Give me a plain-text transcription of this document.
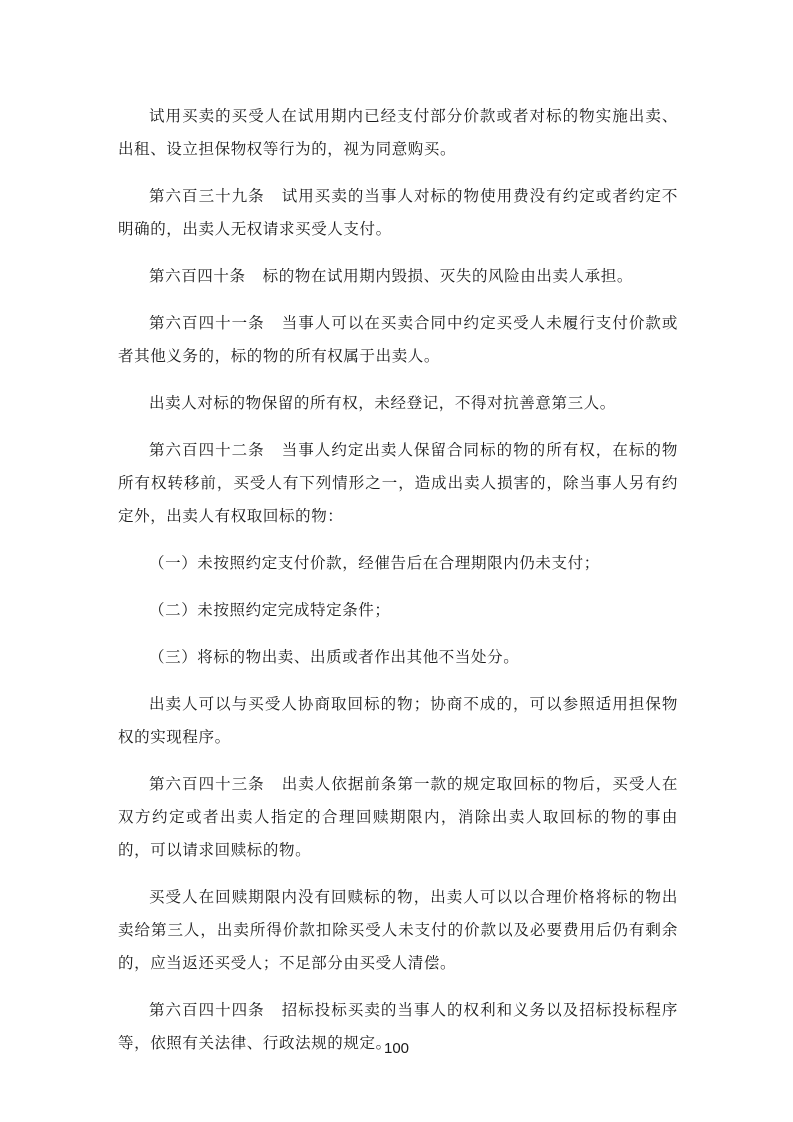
试用买卖的买受人在试用期内已经支付部分价款或者对标的物实施出卖、出租、设立担保物权等行为的，视为同意购买。

第六百三十九条 试用买卖的当事人对标的物使用费没有约定或者约定不明确的，出卖人无权请求买受人支付。

第六百四十条 标的物在试用期内毁损、灭失的风险由出卖人承担。

第六百四十一条 当事人可以在买卖合同中约定买受人未履行支付价款或者其他义务的，标的物的所有权属于出卖人。

出卖人对标的物保留的所有权，未经登记，不得对抗善意第三人。

第六百四十二条 当事人约定出卖人保留合同标的物的所有权，在标的物所有权转移前，买受人有下列情形之一，造成出卖人损害的，除当事人另有约定外，出卖人有权取回标的物：

（一）未按照约定支付价款，经催告后在合理期限内仍未支付；

（二）未按照约定完成特定条件；

（三）将标的物出卖、出质或者作出其他不当处分。

出卖人可以与买受人协商取回标的物；协商不成的，可以参照适用担保物权的实现程序。

第六百四十三条 出卖人依据前条第一款的规定取回标的物后，买受人在双方约定或者出卖人指定的合理回赎期限内，消除出卖人取回标的物的事由的，可以请求回赎标的物。

买受人在回赎期限内没有回赎标的物，出卖人可以以合理价格将标的物出卖给第三人，出卖所得价款扣除买受人未支付的价款以及必要费用后仍有剩余的，应当返还买受人；不足部分由买受人清偿。

第六百四十四条 招标投标买卖的当事人的权利和义务以及招标投标程序等，依照有关法律、行政法规的规定。

100
